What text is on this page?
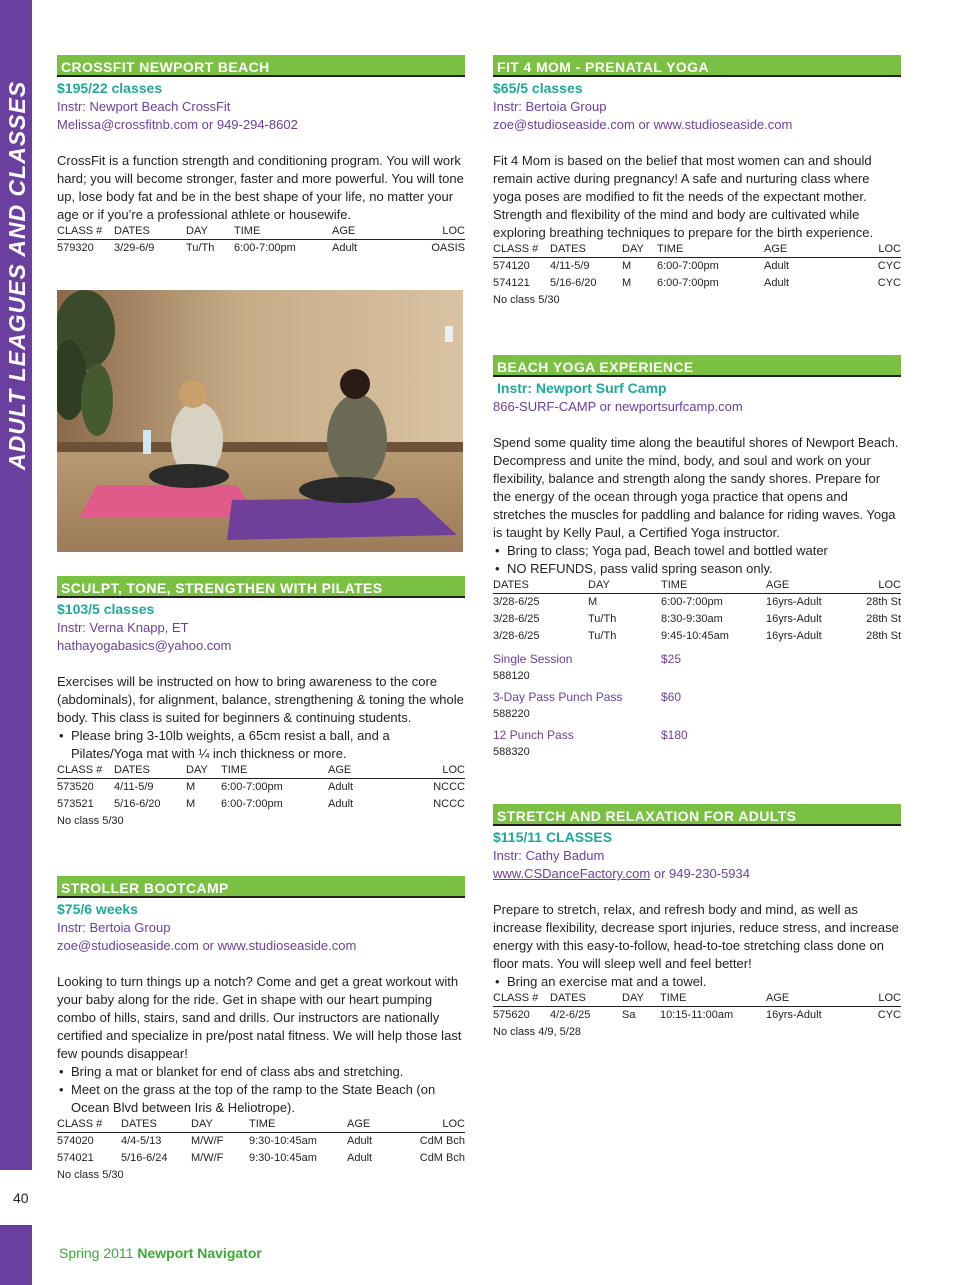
ADULT LEAGUES AND CLASSES
40
CROSSFIT NEWPORT BEACH
$195/22 classes
Instr: Newport Beach CrossFit
Melissa@crossfitnb.com or 949-294-8602
CrossFit is a function strength and conditioning program. You will work hard; you will become stronger, faster and more powerful. You will tone up, lose body fat and be in the best shape of your life, no matter your age or if you’re a professional athlete or housewife.
CLASS #	DATES	DAY	TIME	AGE	LOC
579320	3/29-6/9	Tu/Th	6:00-7:00pm	Adult	OASIS
SCULPT, TONE, STRENGTHEN WITH PILATES
$103/5 classes
Instr: Verna Knapp, ET
hathayogabasics@yahoo.com
Exercises will be instructed on how to bring awareness to the core (abdominals), for alignment, balance, strengthening & toning the whole body. This class is suited for beginners & continuing students.
• Please bring 3-10lb weights, a 65cm resist a ball, and a Pilates/Yoga mat with ¼ inch thickness or more.
CLASS #	DATES	DAY	TIME	AGE	LOC
573520	4/11-5/9	M	6:00-7:00pm	Adult	NCCC
573521	5/16-6/20	M	6:00-7:00pm	Adult	NCCC
No class 5/30
STROLLER BOOTCAMP
$75/6 weeks
Instr: Bertoia Group
zoe@studioseaside.com or www.studioseaside.com
Looking to turn things up a notch? Come and get a great workout with your baby along for the ride. Get in shape with our heart pumping combo of hills, stairs, sand and drills. Our instructors are nationally certified and specialize in pre/post natal fitness. We will help those last few pounds disappear!
• Bring a mat or blanket for end of class abs and stretching.
• Meet on the grass at the top of the ramp to the State Beach (on Ocean Blvd between Iris & Heliotrope).
CLASS #	DATES	DAY	TIME	AGE	LOC
574020	4/4-5/13	M/W/F	9:30-10:45am	Adult	CdM Bch
574021	5/16-6/24	M/W/F	9:30-10:45am	Adult	CdM Bch
No class 5/30
FIT 4 MOM - PRENATAL YOGA
$65/5 classes
Instr: Bertoia Group
zoe@studioseaside.com or www.studioseaside.com
Fit 4 Mom is based on the belief that most women can and should remain active during pregnancy! A safe and nurturing class where yoga poses are modified to fit the needs of the expectant mother. Strength and flexibility of the mind and body are cultivated while exploring breathing techniques to prepare for the birth experience.
CLASS #	DATES	DAY	TIME	AGE	LOC
574120	4/11-5/9	M	6:00-7:00pm	Adult	CYC
574121	5/16-6/20	M	6:00-7:00pm	Adult	CYC
No class 5/30
BEACH YOGA EXPERIENCE
Instr: Newport Surf Camp
866-SURF-CAMP or newportsurfcamp.com
Spend some quality time along the beautiful shores of Newport Beach. Decompress and unite the mind, body, and soul and work on your flexibility, balance and strength along the sandy shores. Prepare for the energy of the ocean through yoga practice that opens and stretches the muscles for paddling and balance for riding waves. Yoga is taught by Kelly Paul, a Certified Yoga instructor.
• Bring to class; Yoga pad, Beach towel and bottled water
• NO REFUNDS, pass valid spring season only.
DATES	DAY	TIME	AGE	LOC
3/28-6/25	M	6:00-7:00pm	16yrs-Adult	28th St
3/28-6/25	Tu/Th	8:30-9:30am	16yrs-Adult	28th St
3/28-6/25	Tu/Th	9:45-10:45am	16yrs-Adult	28th St
Single Session	$25
588120	
3-Day Pass Punch Pass	$60
588220	
12 Punch Pass	$180
588320	
STRETCH AND RELAXATION FOR ADULTS
$115/11 CLASSES
Instr: Cathy Badum
www.CSDanceFactory.com or 949-230-5934
Prepare to stretch, relax, and refresh body and mind, as well as increase flexibility, decrease sport injuries, reduce stress, and increase energy with this easy-to-follow, head-to-toe stretching class done on floor mats. You will sleep well and feel better!
• Bring an exercise mat and a towel.
CLASS #	DATES	DAY	TIME	AGE	LOC
575620	4/2-6/25	Sa	10:15-11:00am	16yrs-Adult	CYC
No class 4/9, 5/28
Spring 2011 Newport Navigator
